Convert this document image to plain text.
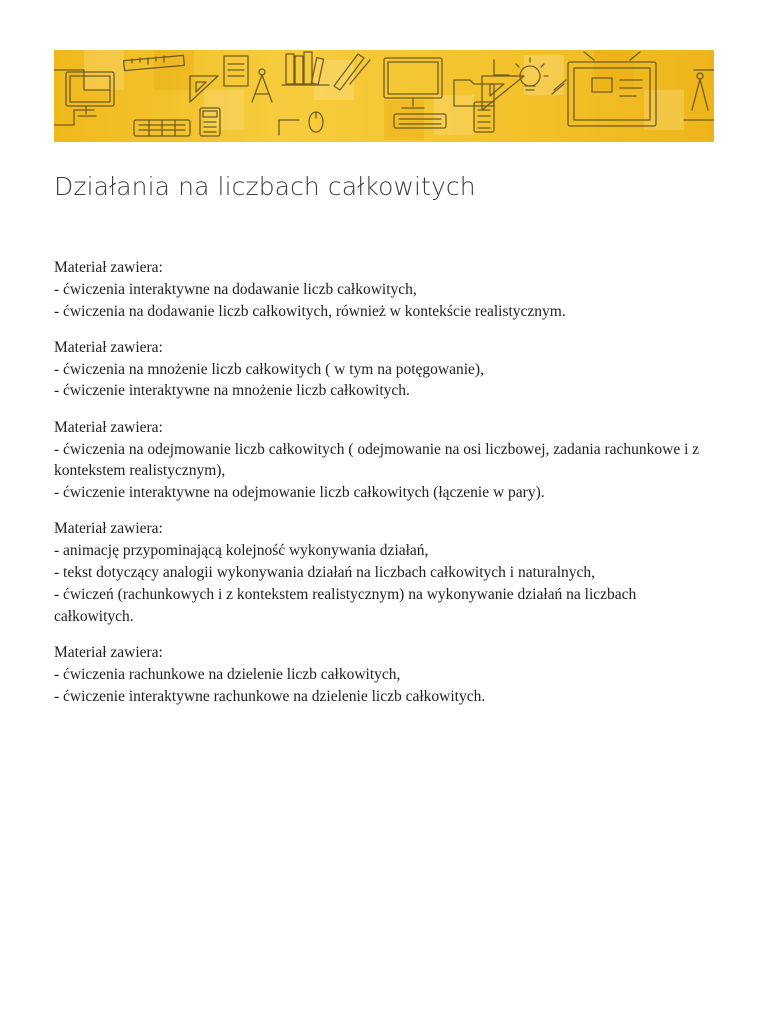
Działania na liczbach całkowitych

Materiał zawiera:

- ćwiczenia interaktywne na dodawanie liczb całkowitych,

- ćwiczenia na dodawanie liczb całkowitych, również w kontekście realistycznym.

Materiał zawiera:

- ćwiczenia na mnożenie liczb całkowitych ( w tym na potęgowanie),

- ćwiczenie interaktywne na mnożenie liczb całkowitych.

Materiał zawiera:

- ćwiczenia na odejmowanie liczb całkowitych ( odejmowanie na osi liczbowej, zadania rachunkowe i z kontekstem realistycznym),

- ćwiczenie interaktywne na odejmowanie liczb całkowitych (łączenie w pary).

Materiał zawiera:

- animację przypominającą kolejność wykonywania działań,

- tekst dotyczący analogii wykonywania działań na liczbach całkowitych i naturalnych,

- ćwiczeń (rachunkowych i z kontekstem realistycznym) na wykonywanie działań na liczbach całkowitych.

Materiał zawiera:

- ćwiczenia rachunkowe na dzielenie liczb całkowitych,

- ćwiczenie interaktywne rachunkowe na dzielenie liczb całkowitych.
